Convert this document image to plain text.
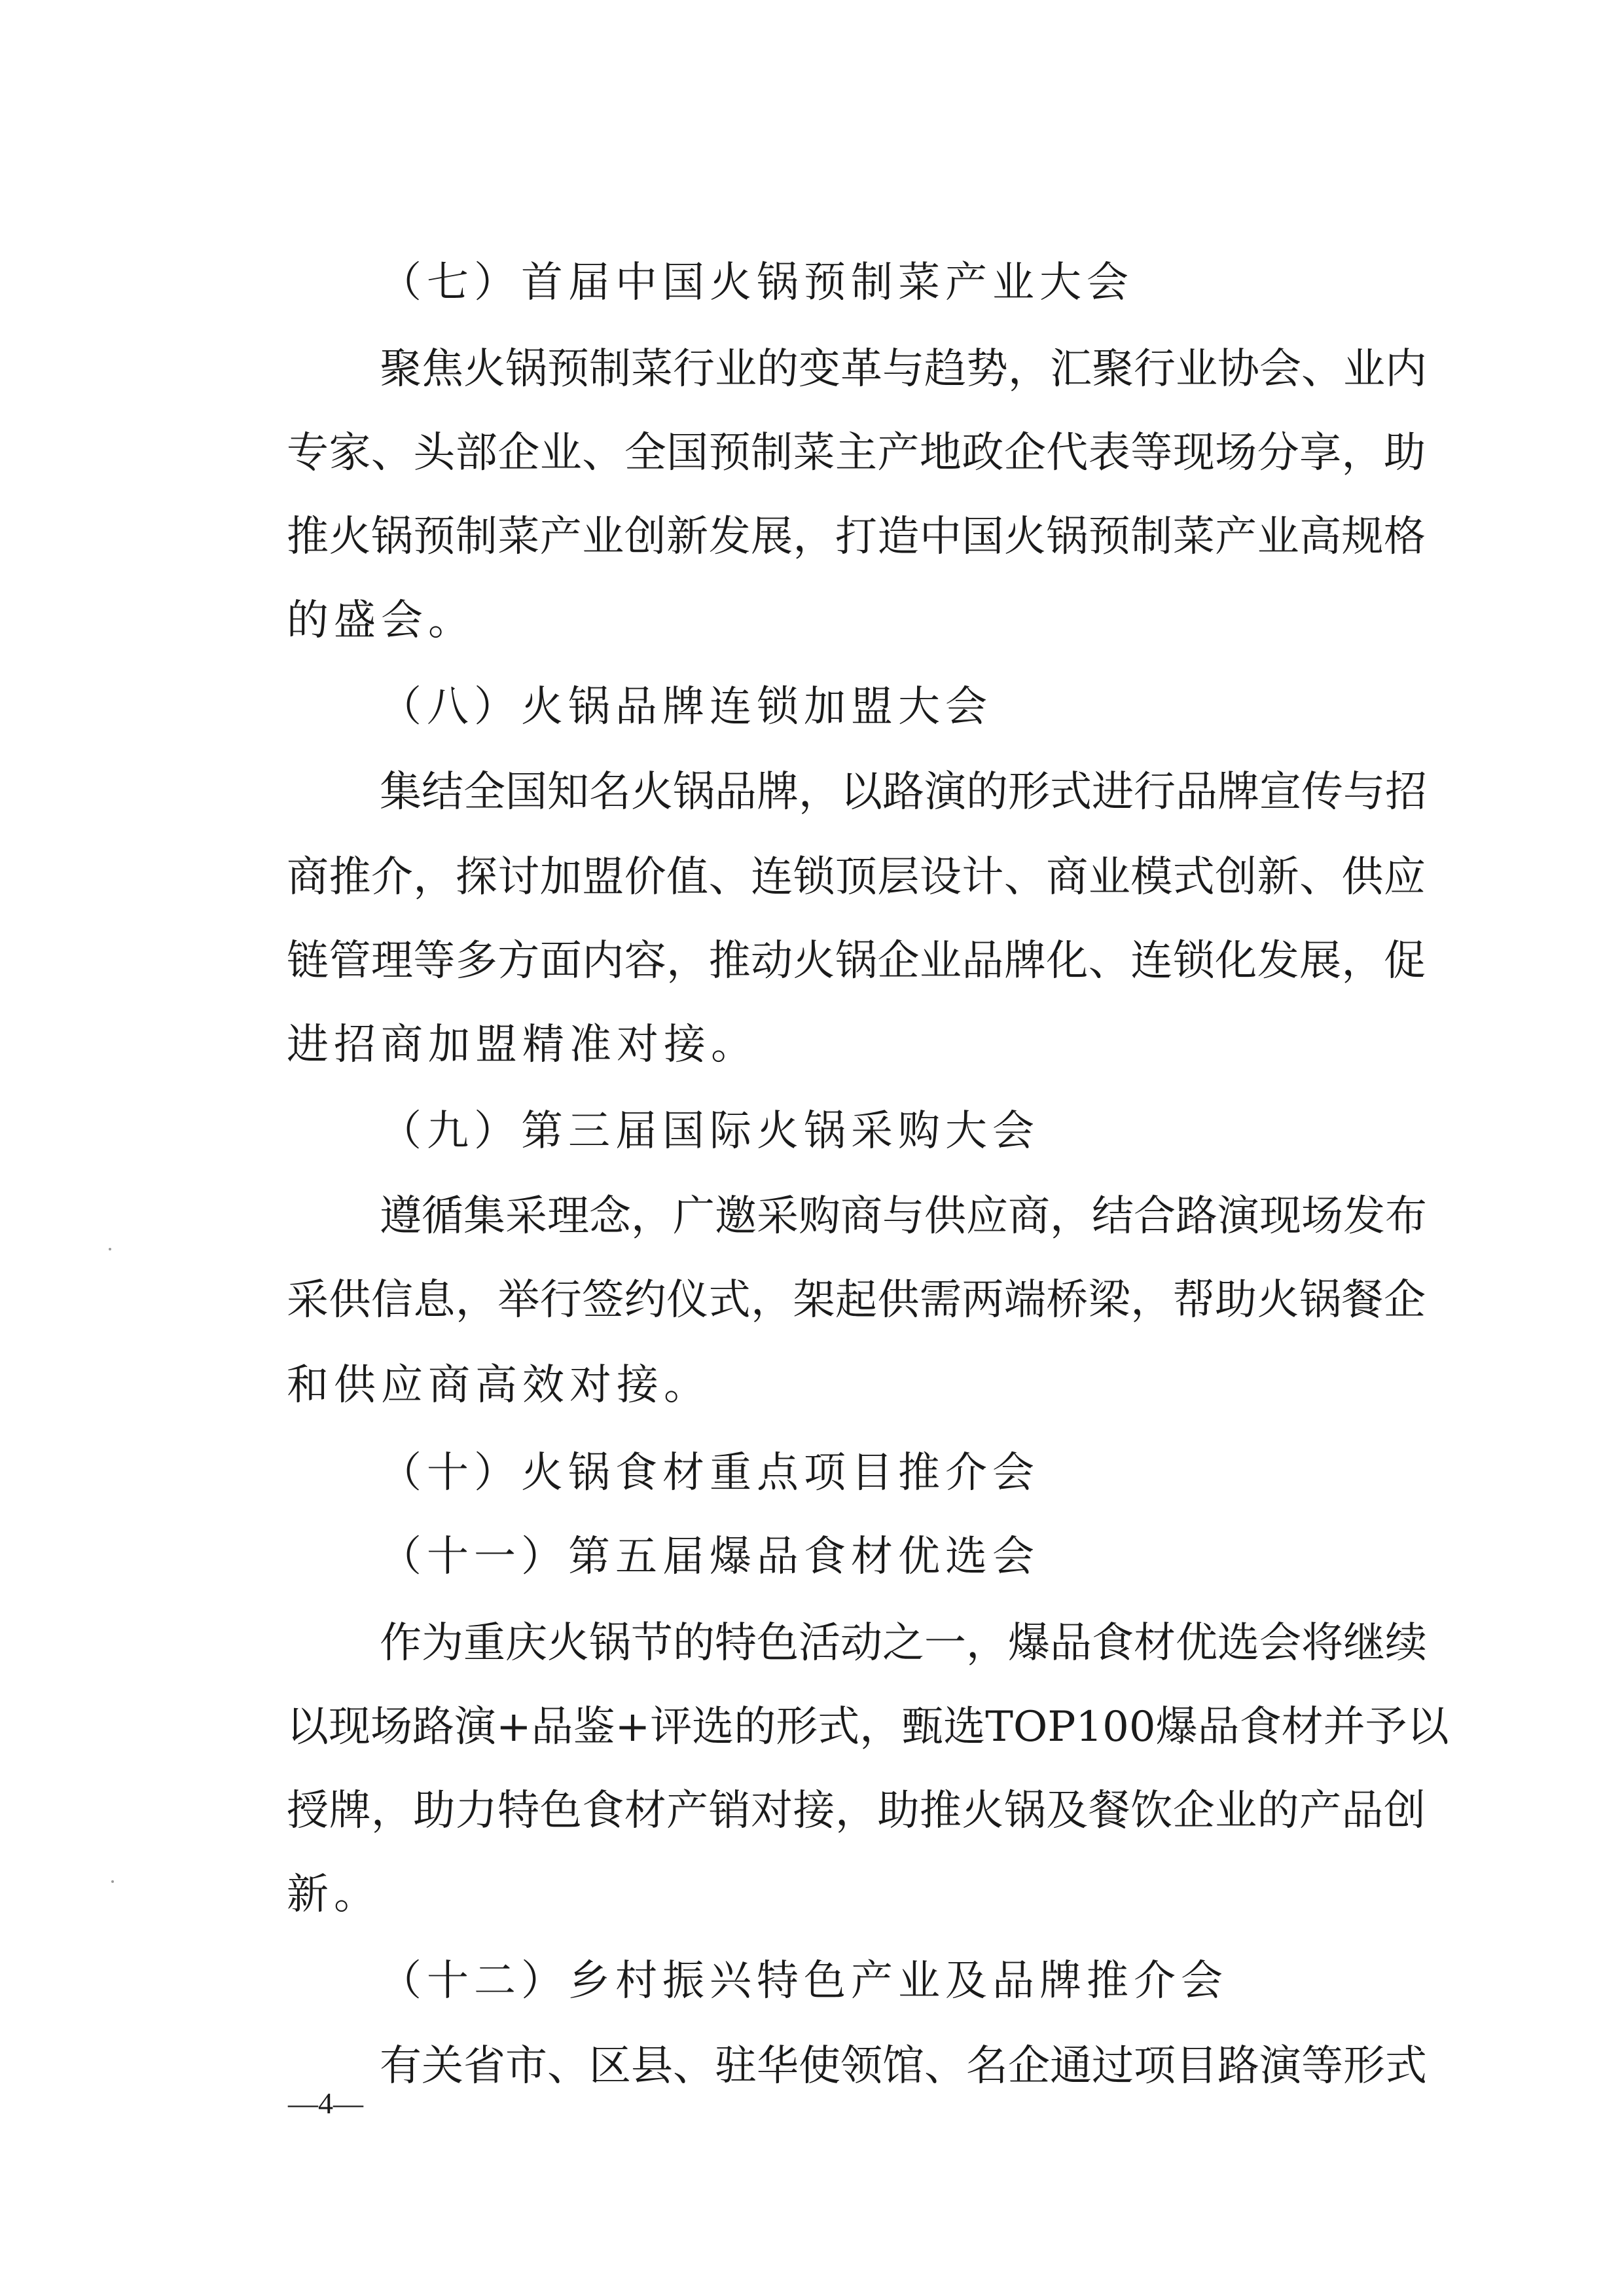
（七）首届中国火锅预制菜产业大会
聚焦火锅预制菜行业的变革与趋势，汇聚行业协会、业内
专家、头部企业、全国预制菜主产地政企代表等现场分享，助
推火锅预制菜产业创新发展，打造中国火锅预制菜产业高规格
的盛会。
（八）火锅品牌连锁加盟大会
集结全国知名火锅品牌，以路演的形式进行品牌宣传与招
商推介，探讨加盟价值、连锁顶层设计、商业模式创新、供应
链管理等多方面内容，推动火锅企业品牌化、连锁化发展，促
进招商加盟精准对接。
（九）第三届国际火锅采购大会
遵循集采理念，广邀采购商与供应商，结合路演现场发布
采供信息，举行签约仪式，架起供需两端桥梁，帮助火锅餐企
和供应商高效对接。
（十）火锅食材重点项目推介会
（十一）第五届爆品食材优选会
作为重庆火锅节的特色活动之一，爆品食材优选会将继续
以现场路演+品鉴+评选的形式，甄选TOP100爆品食材并予以
授牌，助力特色食材产销对接，助推火锅及餐饮企业的产品创
新。
（十二）乡村振兴特色产业及品牌推介会
有关省市、区县、驻华使领馆、名企通过项目路演等形式
—4—
